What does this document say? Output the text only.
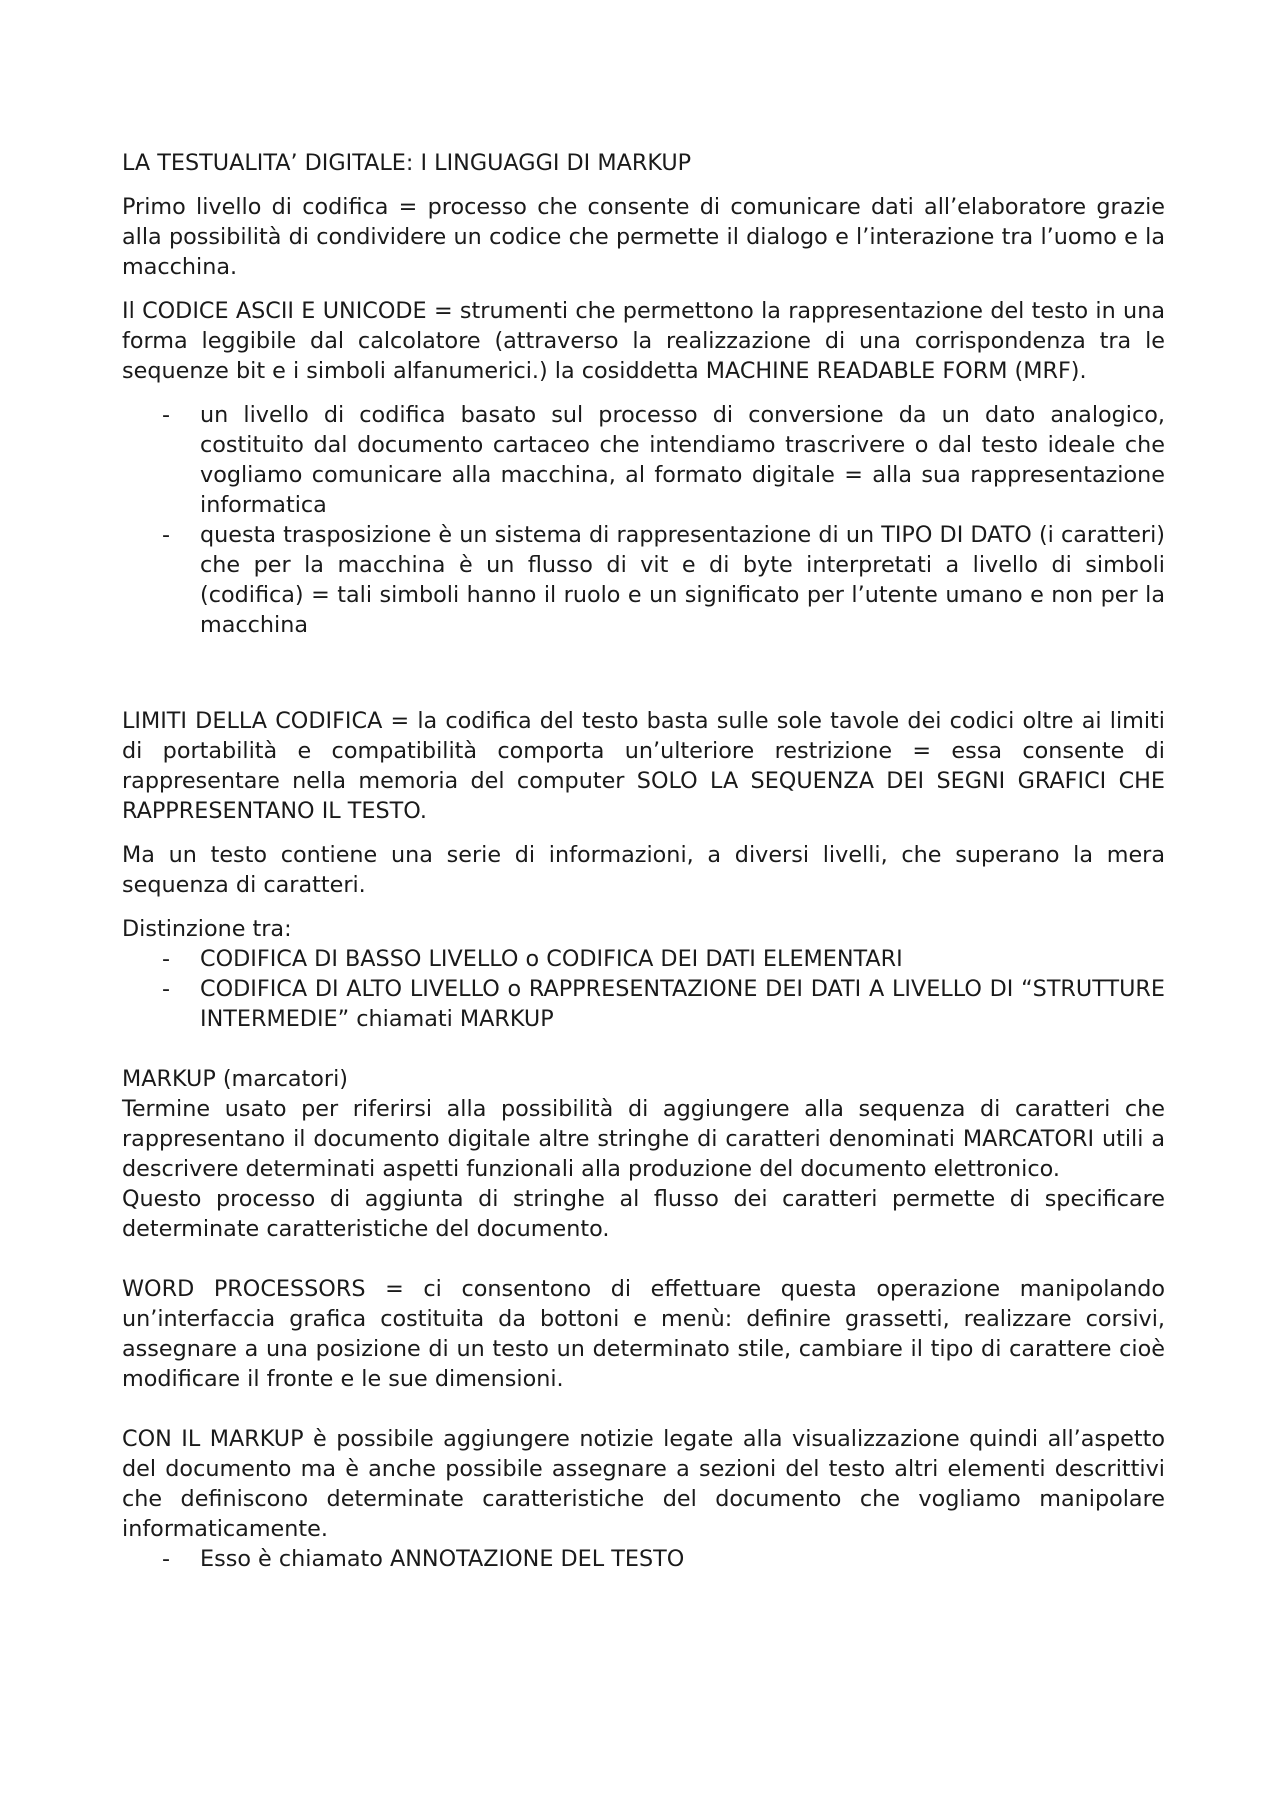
LA TESTUALITA’ DIGITALE: I LINGUAGGI DI MARKUP

Primo livello di codifica = processo che consente di comunicare dati all’elaboratore grazie alla possibilità di condividere un codice che permette il dialogo e l’interazione tra l’uomo e la macchina.

Il CODICE ASCII E UNICODE = strumenti che permettono la rappresentazione del testo in una forma leggibile dal calcolatore (attraverso la realizzazione di una corrispondenza tra le sequenze bit e i simboli alfanumerici.) la cosiddetta MACHINE READABLE FORM (MRF).

- un livello di codifica basato sul processo di conversione da un dato analogico, costituito dal documento cartaceo che intendiamo trascrivere o dal testo ideale che vogliamo comunicare alla macchina, al formato digitale = alla sua rappresentazione informatica
- questa trasposizione è un sistema di rappresentazione di un TIPO DI DATO (i caratteri) che per la macchina è un flusso di vit e di byte interpretati a livello di simboli (codifica) = tali simboli hanno il ruolo e un significato per l’utente umano e non per la macchina

LIMITI DELLA CODIFICA = la codifica del testo basta sulle sole tavole dei codici oltre ai limiti di portabilità e compatibilità comporta un’ulteriore restrizione = essa consente di rappresentare nella memoria del computer SOLO LA SEQUENZA DEI SEGNI GRAFICI CHE RAPPRESENTANO IL TESTO.

Ma un testo contiene una serie di informazioni, a diversi livelli, che superano la mera sequenza di caratteri.

Distinzione tra:

- CODIFICA DI BASSO LIVELLO o CODIFICA DEI DATI ELEMENTARI
- CODIFICA DI ALTO LIVELLO o RAPPRESENTAZIONE DEI DATI A LIVELLO DI “STRUTTURE INTERMEDIE” chiamati MARKUP

MARKUP (marcatori)

Termine usato per riferirsi alla possibilità di aggiungere alla sequenza di caratteri che rappresentano il documento digitale altre stringhe di caratteri denominati MARCATORI utili a descrivere determinati aspetti funzionali alla produzione del documento elettronico.

Questo processo di aggiunta di stringhe al flusso dei caratteri permette di specificare determinate caratteristiche del documento.

WORD PROCESSORS = ci consentono di effettuare questa operazione manipolando un’interfaccia grafica costituita da bottoni e menù: definire grassetti, realizzare corsivi, assegnare a una posizione di un testo un determinato stile, cambiare il tipo di carattere cioè modificare il fronte e le sue dimensioni.

CON IL MARKUP è possibile aggiungere notizie legate alla visualizzazione quindi all’aspetto del documento ma è anche possibile assegnare a sezioni del testo altri elementi descrittivi che definiscono determinate caratteristiche del documento che vogliamo manipolare informaticamente.

- Esso è chiamato ANNOTAZIONE DEL TESTO
